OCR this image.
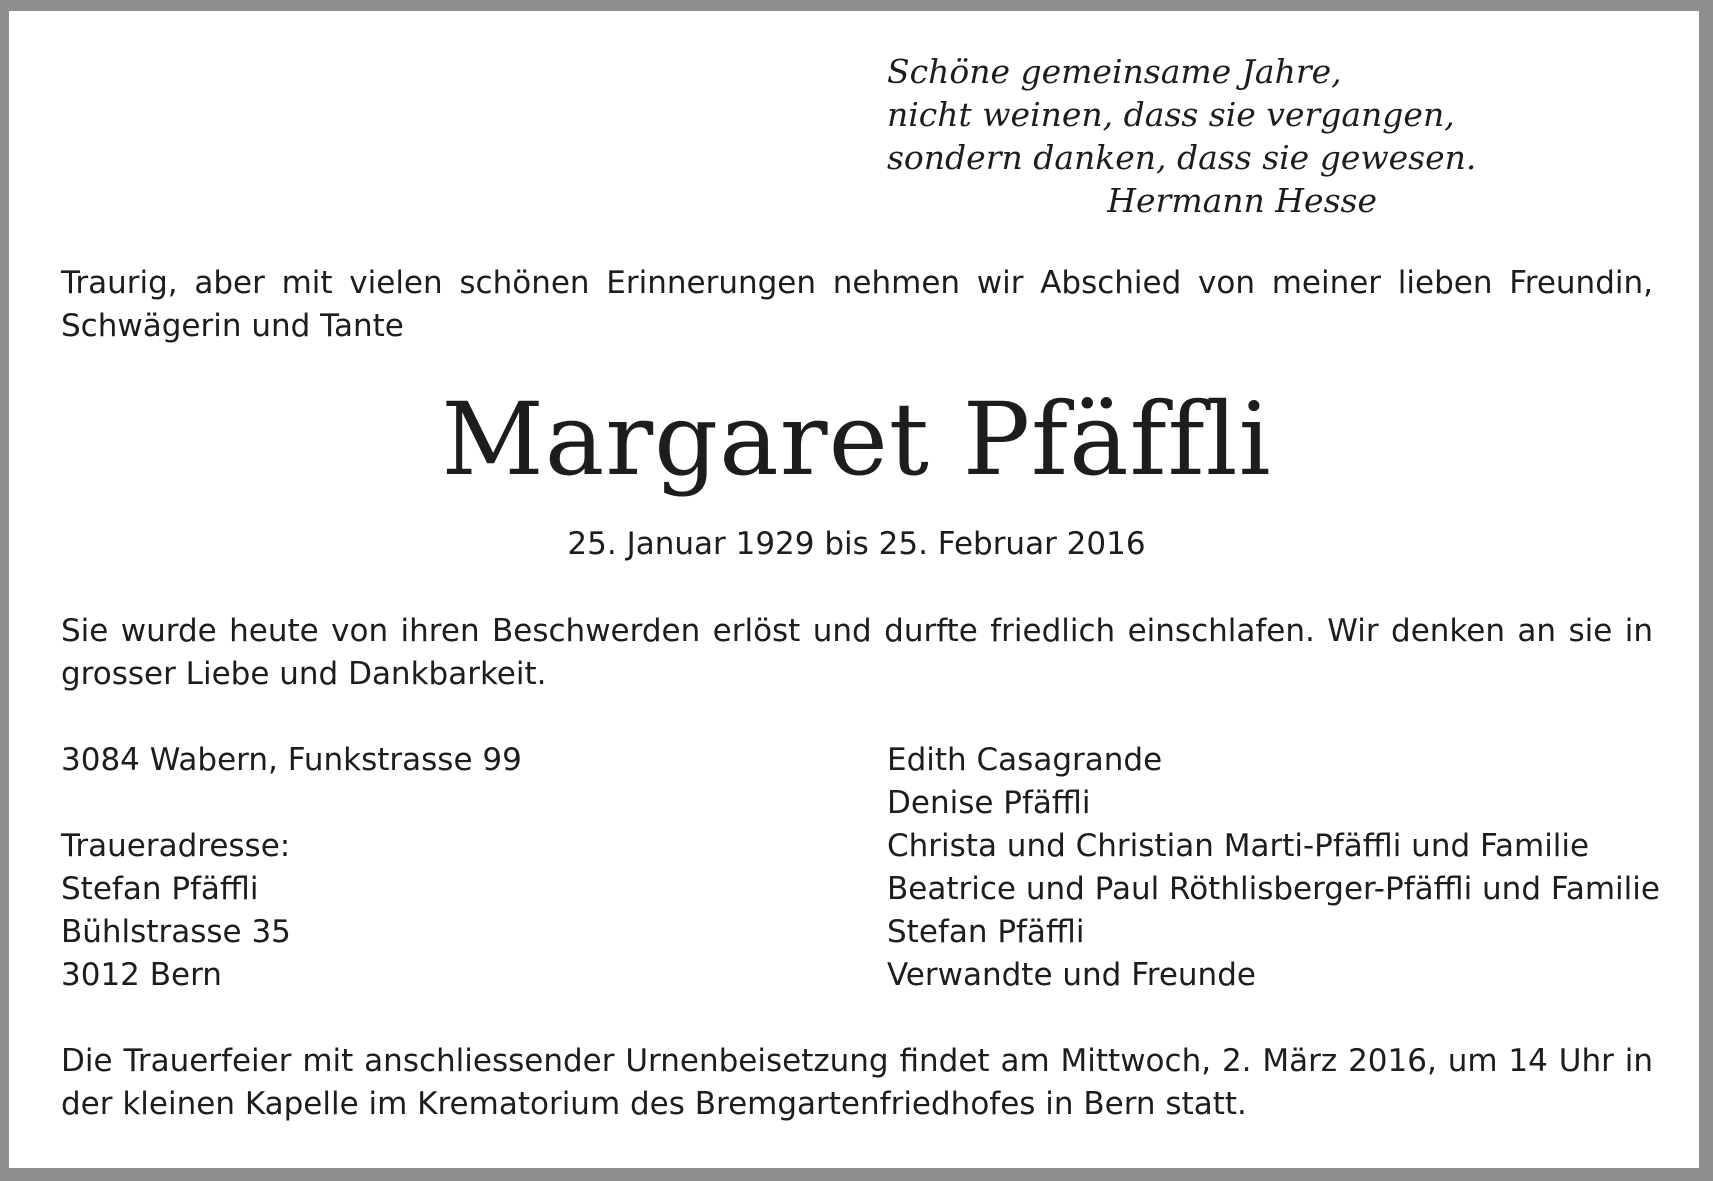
Schöne gemeinsame Jahre,
nicht weinen, dass sie vergangen,
sondern danken, dass sie gewesen.
Hermann Hesse
Traurig, aber mit vielen schönen Erinnerungen nehmen wir Abschied von meiner lieben Freundin, Schwägerin und Tante
Margaret Pfäffli
25. Januar 1929 bis 25. Februar 2016
Sie wurde heute von ihren Beschwerden erlöst und durfte friedlich einschlafen. Wir denken an sie in grosser Liebe und Dankbarkeit.
3084 Wabern, Funkstrasse 99
Traueradresse:
Stefan Pfäffli
Bühlstrasse 35
3012 Bern
Edith Casagrande
Denise Pfäffli
Christa und Christian Marti-Pfäffli und Familie
Beatrice und Paul Röthlisberger-Pfäffli und Familie
Stefan Pfäffli
Verwandte und Freunde
Die Trauerfeier mit anschliessender Urnenbeisetzung findet am Mittwoch, 2. März 2016, um 14 Uhr in der kleinen Kapelle im Krematorium des Bremgartenfriedhofes in Bern statt.
